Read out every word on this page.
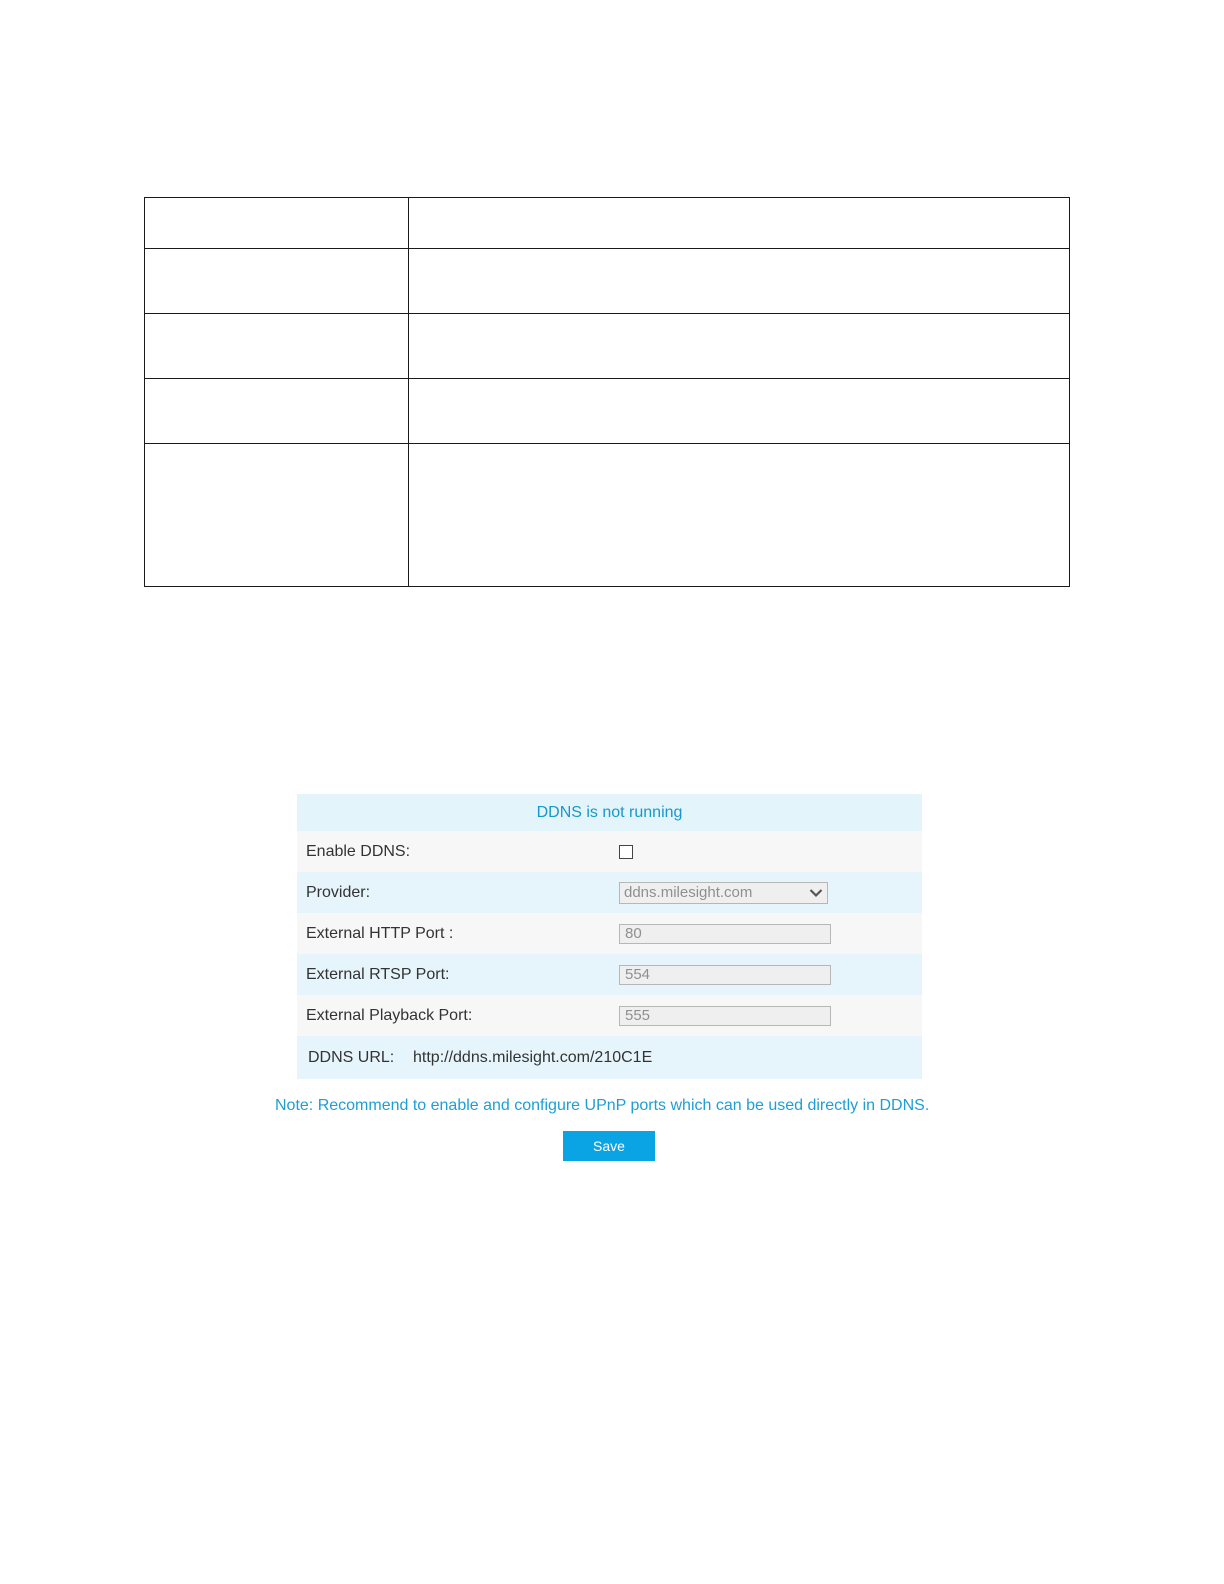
DDNS is not running
Enable DDNS:
Provider:	ddns.milesight.com
External HTTP Port :	80
External RTSP Port:	554
External Playback Port:	555
DDNS URL:	http://ddns.milesight.com/210C1E
Note: Recommend to enable and configure UPnP ports which can be used directly in DDNS.
Save
